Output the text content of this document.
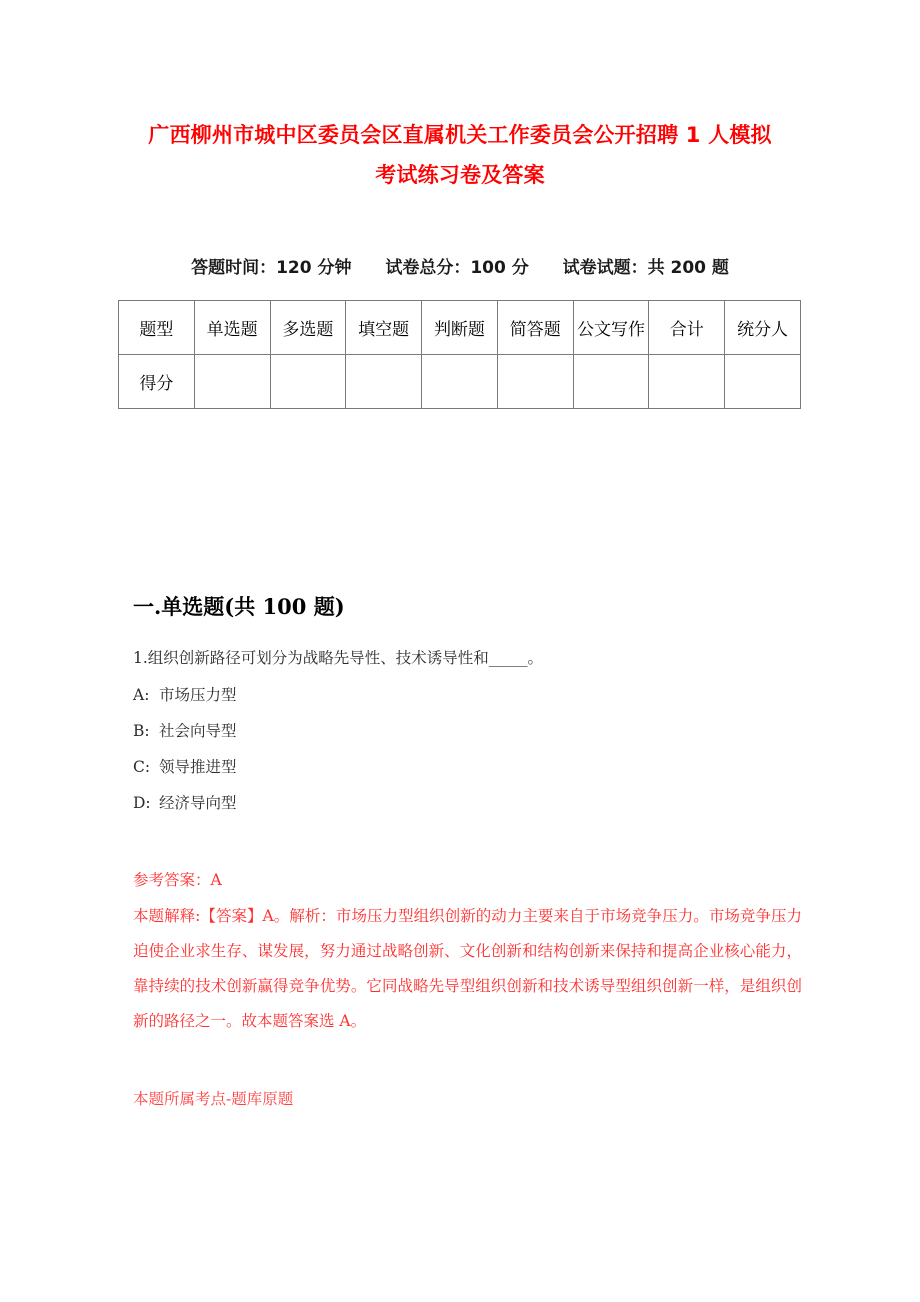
广西柳州市城中区委员会区直属机关工作委员会公开招聘 1 人模拟
考试练习卷及答案
答题时间：120 分钟 试卷总分：100 分 试卷试题：共 200 题
题型	单选题	多选题	填空题	判断题	简答题	公文写作	合计	统分人
得分								
一.单选题(共 100 题)

1.组织创新路径可划分为战略先导性、技术诱导性和_____。

A: 市场压力型
B: 社会向导型
C: 领导推进型
D: 经济导向型

参考答案：A

本题解释:【答案】A。解析：市场压力型组织创新的动力主要来自于市场竞争压力。市场竞争压力迫使企业求生存、谋发展，努力通过战略创新、文化创新和结构创新来保持和提高企业核心能力，靠持续的技术创新赢得竞争优势。它同战略先导型组织创新和技术诱导型组织创新一样，是组织创新的路径之一。故本题答案选 A。

本题所属考点-题库原题
